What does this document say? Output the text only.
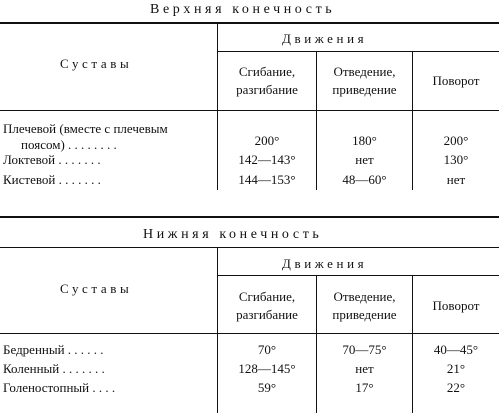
Верхняя конечность
Суставы
Движения
Сгибание,
разгибание
Отведение,
приведение
Поворот
Плечевой (вместе с плечевым
поясом) . . . . . . . .	200°	180°	200°
Локтевой . . . . . . .	142—143°	нет	130°
Кистевой . . . . . . .	144—153°	48—60°	нет
Нижняя конечность
Суставы
Движения
Сгибание,
разгибание
Отведение,
приведение
Поворот
Бедренный . . . . . .	70°	70—75°	40—45°
Коленный . . . . . . .	128—145°	нет	21°
Голеностопный . . . .	59°	17°	22°
